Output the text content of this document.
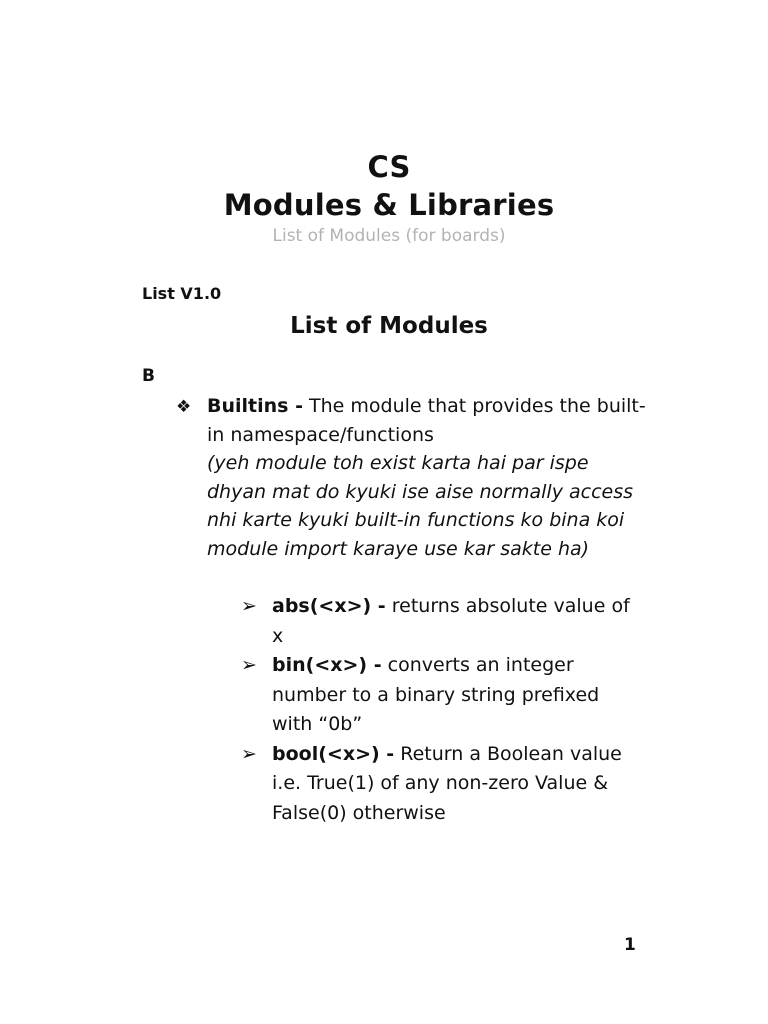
CS
Modules & Libraries
List of Modules (for boards)
List V1.0
List of Modules
B
❖ Builtins - The module that provides the built-in namespace/functions
(yeh module toh exist karta hai par ispe dhyan mat do kyuki ise aise normally access nhi karte kyuki built-in functions ko bina koi module import karaye use kar sakte ha)
➢ abs(<x>) - returns absolute value of x
➢ bin(<x>) - converts an integer number to a binary string prefixed with “0b”
➢ bool(<x>) - Return a Boolean value i.e. True(1) of any non-zero Value & False(0) otherwise
1
